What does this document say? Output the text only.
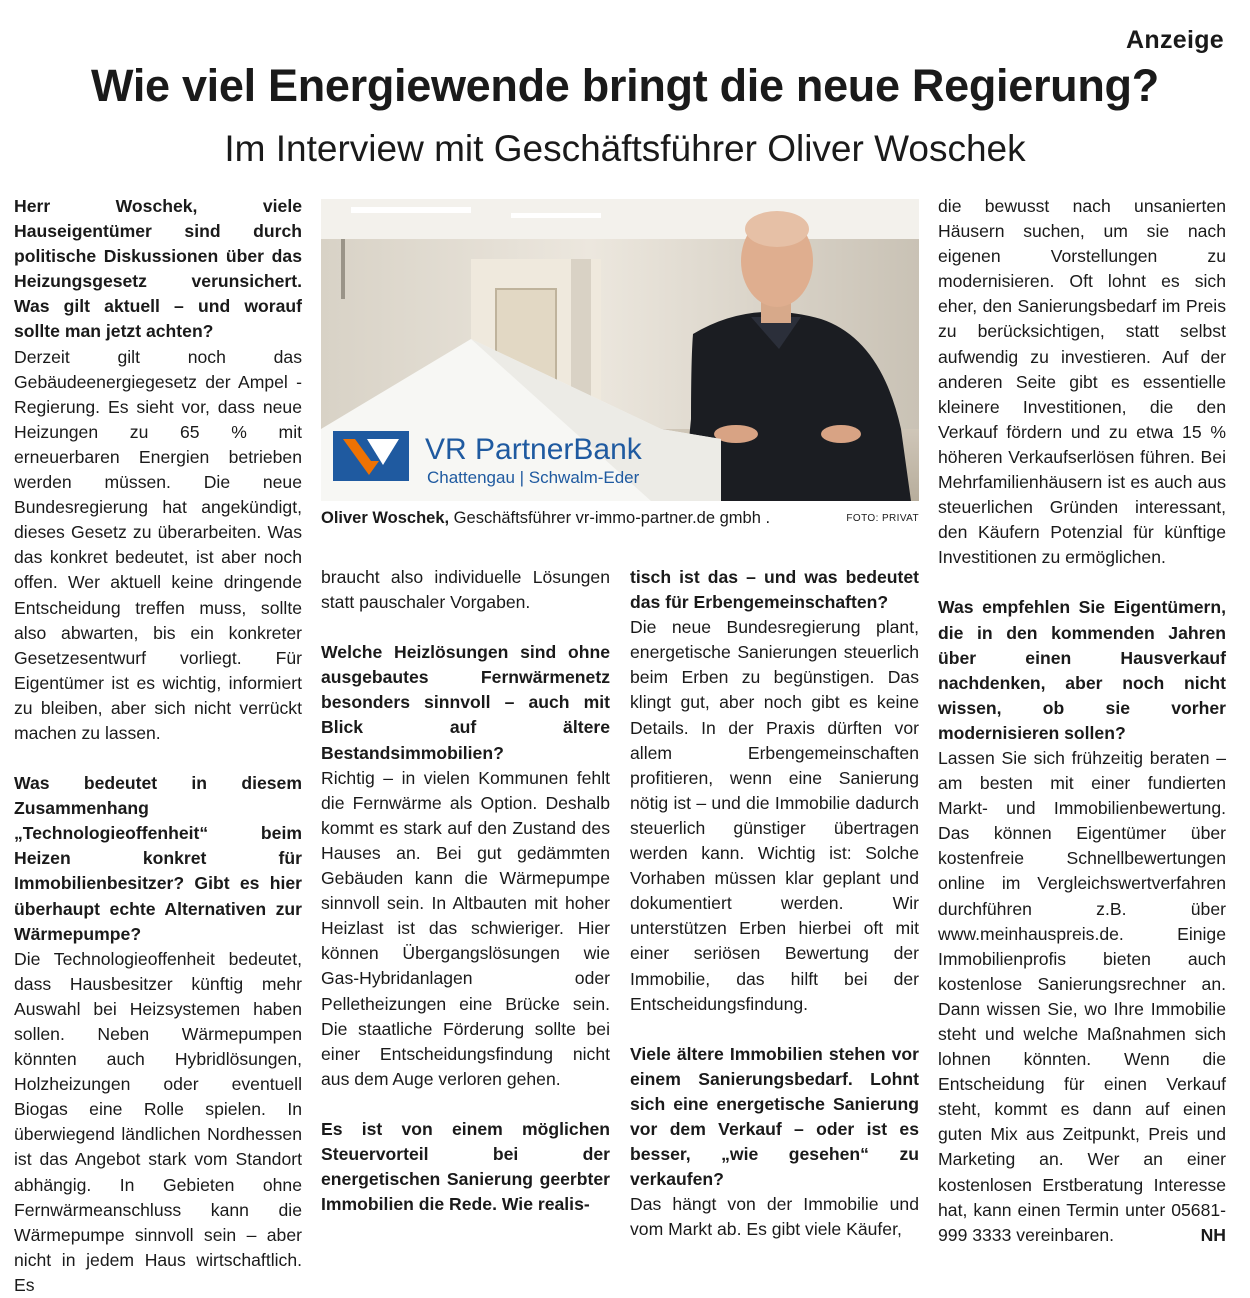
Anzeige
Wie viel Energiewende bringt die neue Regierung?
Im Interview mit Geschäftsführer Oliver Woschek

Herr Woschek, viele Hauseigentümer sind durch politische Diskussionen über das Heizungsgesetz verunsichert. Was gilt aktuell – und worauf sollte man jetzt achten?

Derzeit gilt noch das Gebäudeenergiegesetz der Ampel - Regierung. Es sieht vor, dass neue Heizungen zu 65 % mit erneuerbaren Energien betrieben werden müssen. Die neue Bundesregierung hat angekündigt, dieses Gesetz zu überarbeiten. Was das konkret bedeutet, ist aber noch offen. Wer aktuell keine dringende Entscheidung treffen muss, sollte also abwarten, bis ein konkreter Gesetzesentwurf vorliegt. Für Eigentümer ist es wichtig, informiert zu bleiben, aber sich nicht verrückt machen zu lassen.

Was bedeutet in diesem Zusammenhang „Technologieoffenheit“ beim Heizen konkret für Immobilienbesitzer? Gibt es hier überhaupt echte Alternativen zur Wärmepumpe?

Die Technologieoffenheit bedeutet, dass Hausbesitzer künftig mehr Auswahl bei Heizsystemen haben sollen. Neben Wärmepumpen könnten auch Hybridlösungen, Holzheizungen oder eventuell Biogas eine Rolle spielen. In überwiegend ländlichen Nordhessen ist das Angebot stark vom Standort abhängig. In Gebieten ohne Fernwärmeanschluss kann die Wärmepumpe sinnvoll sein – aber nicht in jedem Haus wirtschaftlich. Es

VR PartnerBank
Chattengau | Schwalm-Eder
Oliver Woschek, Geschäftsführer vr-immo-partner.de gmbh .	FOTO: PRIVAT

braucht also individuelle Lösungen statt pauschaler Vorgaben.

Welche Heizlösungen sind ohne ausgebautes Fernwärmenetz besonders sinnvoll – auch mit Blick auf ältere Bestandsimmobilien?

Richtig – in vielen Kommunen fehlt die Fernwärme als Option. Deshalb kommt es stark auf den Zustand des Hauses an. Bei gut gedämmten Gebäuden kann die Wärmepumpe sinnvoll sein. In Altbauten mit hoher Heizlast ist das schwieriger. Hier können Übergangslösungen wie Gas-Hybridanlagen oder Pelletheizungen eine Brücke sein. Die staatliche Förderung sollte bei einer Entscheidungsfindung nicht aus dem Auge verloren gehen.

Es ist von einem möglichen Steuervorteil bei der energetischen Sanierung geerbter Immobilien die Rede. Wie realis-

tisch ist das – und was bedeutet das für Erbengemeinschaften?

Die neue Bundesregierung plant, energetische Sanierungen steuerlich beim Erben zu begünstigen. Das klingt gut, aber noch gibt es keine Details. In der Praxis dürften vor allem Erbengemeinschaften profitieren, wenn eine Sanierung nötig ist – und die Immobilie dadurch steuerlich günstiger übertragen werden kann. Wichtig ist: Solche Vorhaben müssen klar geplant und dokumentiert werden. Wir unterstützen Erben hierbei oft mit einer seriösen Bewertung der Immobilie, das hilft bei der Entscheidungsfindung.

Viele ältere Immobilien stehen vor einem Sanierungsbedarf. Lohnt sich eine energetische Sanierung vor dem Verkauf – oder ist es besser, „wie gesehen“ zu verkaufen?

Das hängt von der Immobilie und vom Markt ab. Es gibt viele Käufer,

die bewusst nach unsanierten Häusern suchen, um sie nach eigenen Vorstellungen zu modernisieren. Oft lohnt es sich eher, den Sanierungsbedarf im Preis zu berücksichtigen, statt selbst aufwendig zu investieren. Auf der anderen Seite gibt es essentielle kleinere Investitionen, die den Verkauf fördern und zu etwa 15 % höheren Verkaufserlösen führen. Bei Mehrfamilienhäusern ist es auch aus steuerlichen Gründen interessant, den Käufern Potenzial für künftige Investitionen zu ermöglichen.

Was empfehlen Sie Eigentümern, die in den kommenden Jahren über einen Hausverkauf nachdenken, aber noch nicht wissen, ob sie vorher modernisieren sollen?

Lassen Sie sich frühzeitig beraten – am besten mit einer fundierten Markt- und Immobilienbewertung. Das können Eigentümer über kostenfreie Schnellbewertungen online im Vergleichswertverfahren durchführen z.B. über www.meinhauspreis.de. Einige Immobilienprofis bieten auch kostenlose Sanierungsrechner an. Dann wissen Sie, wo Ihre Immobilie steht und welche Maßnahmen sich lohnen könnten. Wenn die Entscheidung für einen Verkauf steht, kommt es dann auf einen guten Mix aus Zeitpunkt, Preis und Marketing an. Wer an einer kostenlosen Erstberatung Interesse hat, kann einen Termin unter 05681-999 3333 vereinbaren.	NH
